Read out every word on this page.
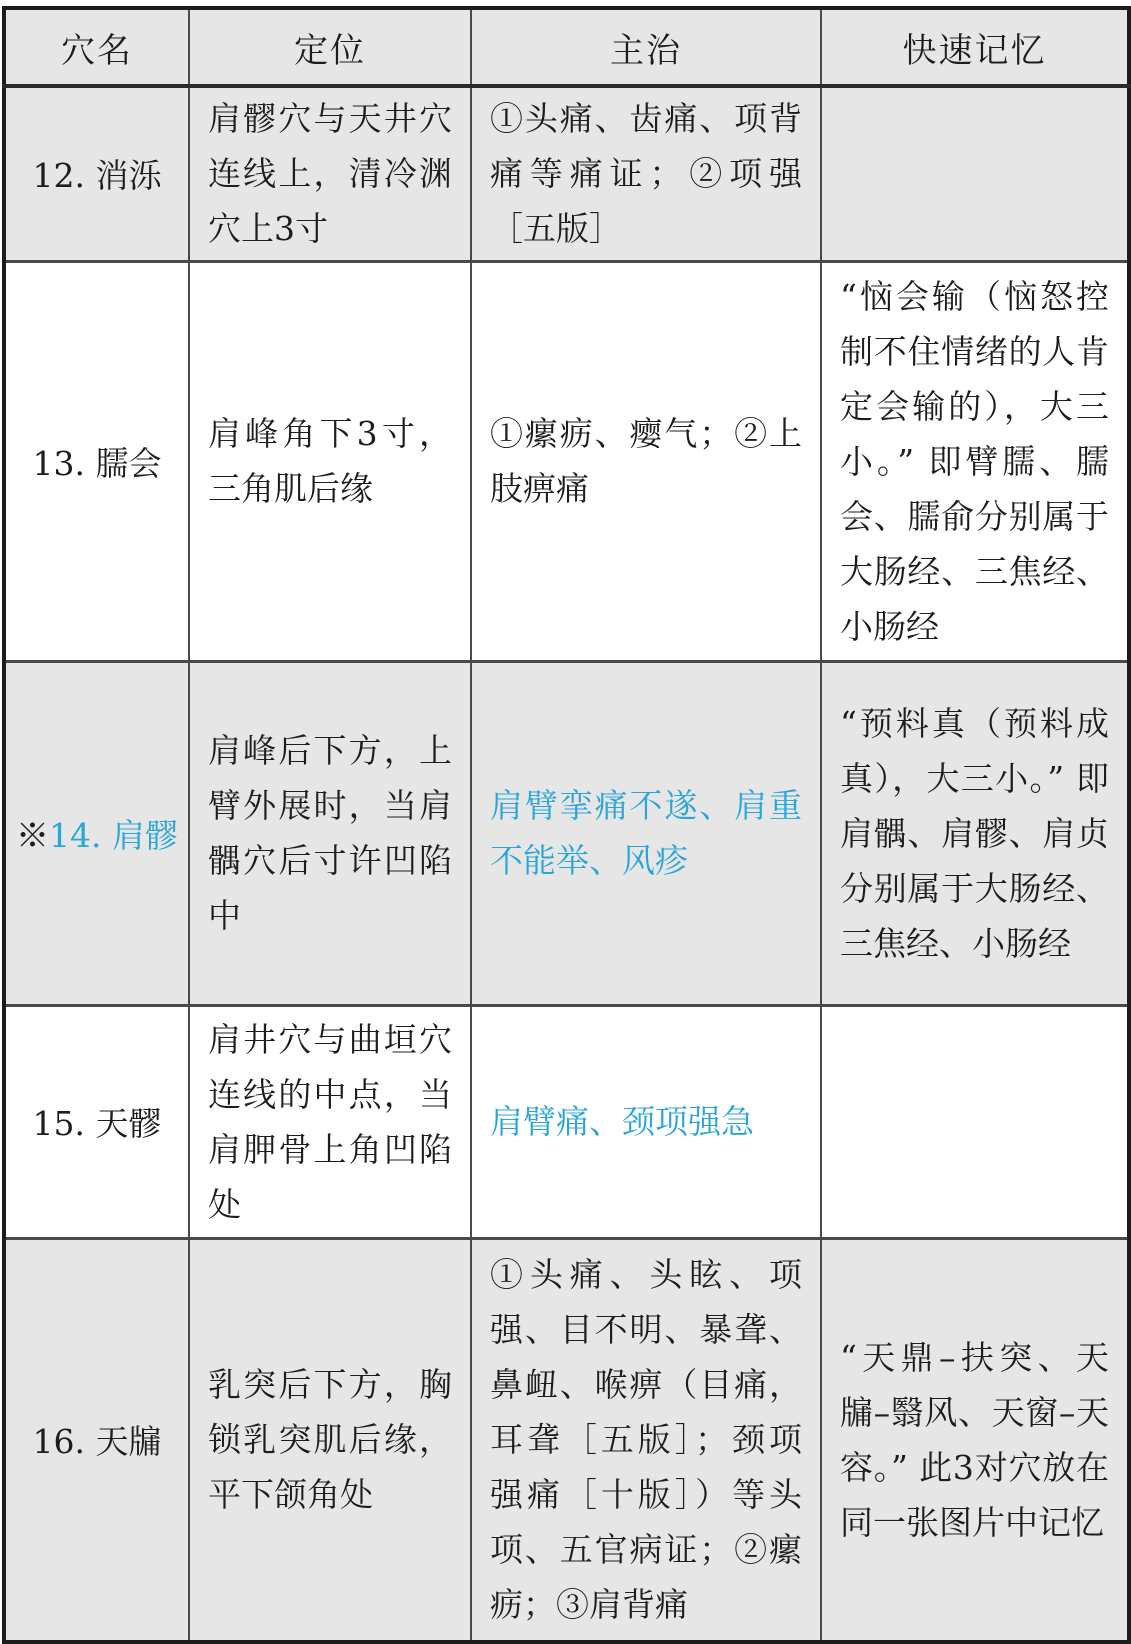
穴名	定位	主治	快速记忆
12. 消泺	肩髎穴与天井穴连线上，清冷渊穴上3寸	①头痛、齿痛、项背痛等痛证；②项强［五版］	

13. 臑会	肩峰角下3寸，三角肌后缘	①瘰疬、瘿气；②上肢痹痛	“恼会输（恼怒控制不住情绪的人肯定会输的），大三小。” 即臂臑、臑会、臑俞分别属于大肠经、三焦经、小肠经

※14. 肩髎	肩峰后下方，上臂外展时，当肩髃穴后寸许凹陷中	肩臂挛痛不遂、肩重不能举、风疹	“预料真（预料成真），大三小。” 即肩髃、肩髎、肩贞分别属于大肠经、三焦经、小肠经

15. 天髎	肩井穴与曲垣穴连线的中点，当肩胛骨上角凹陷处	肩臂痛、颈项强急	

16. 天牖	乳突后下方，胸锁乳突肌后缘，平下颌角处	①头痛、头眩、项强、目不明、暴聋、鼻衄、喉痹（目痛，耳聋［五版］；颈项强痛［十版］）等头项、五官病证；②瘰疬；③肩背痛	“天鼎–扶突、天牖–翳风、天窗–天容。” 此3对穴放在同一张图片中记忆
